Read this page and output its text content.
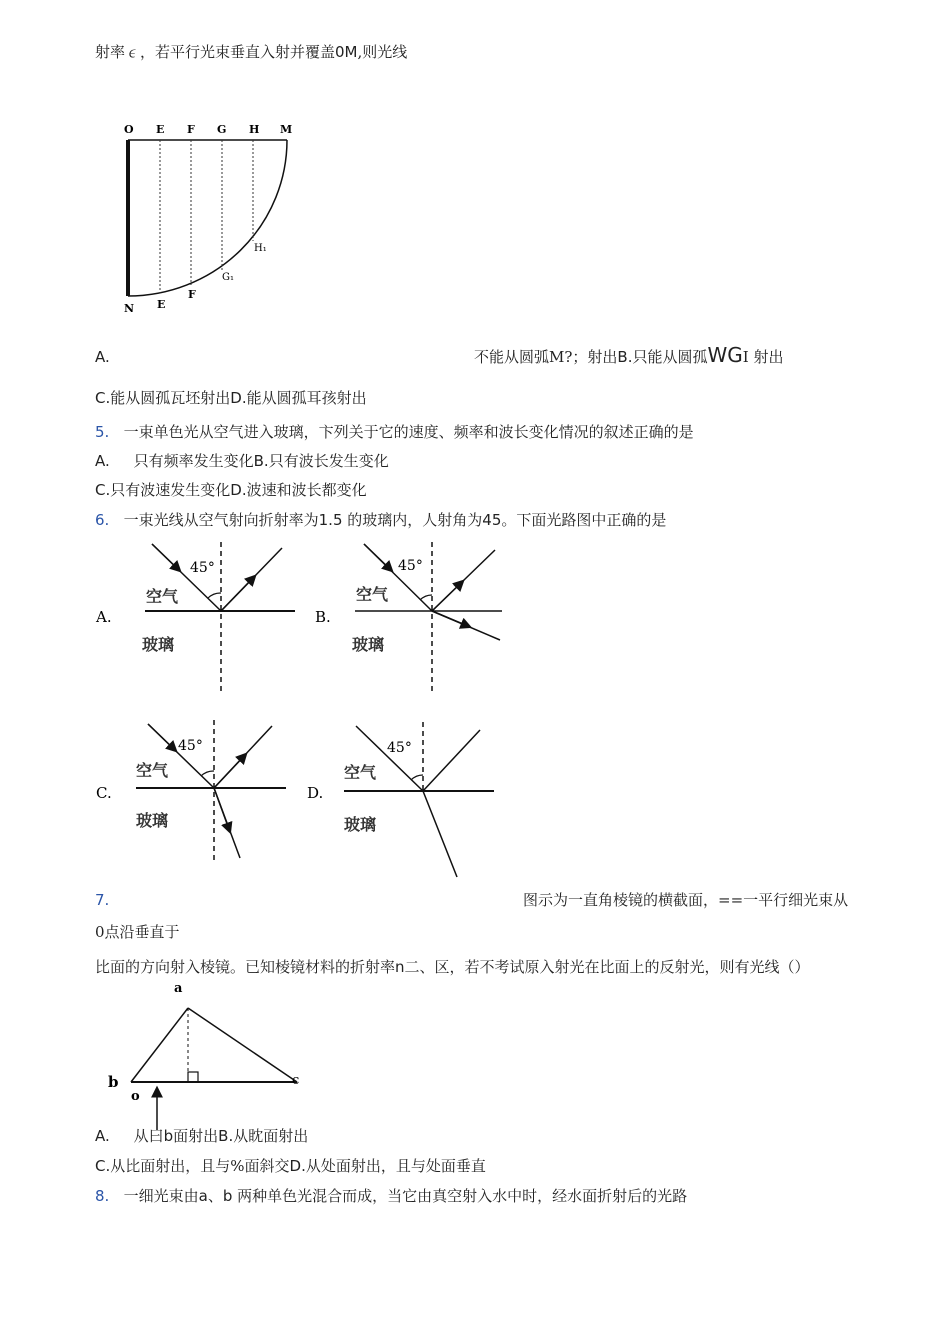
射率∊，若平行光束垂直入射并覆盖0M,则光线
O E F G H M
N E
F
G₁
H₁
A.	不能从圆弧M?；射出B.只能从圆孤WGI 射出
C.能从圆孤瓦坯射出D.能从圆孤耳孩射出
5. 一束单色光从空气进入玻璃，卞列关于它的速度、频率和波长变化情况的叙述正确的是
A. 只有频率发生变化B.只有波长发生变化
C.只有波速发生变化D.波速和波长都变化
6. 一束光线从空气射向折射率为1.5 的玻璃内，人射角为45。下面光路图中正确的是
A.
45°
空气
玻璃
B.
45°
空气
玻璃
C.
45°
空气
玻璃
D.
45°
空气
玻璃
7.	图示为一直角棱镜的横截面，==一平行细光束从
0点沿垂直于
比面的方向射入棱镜。已知棱镜材料的折射率n二、区，若不考试原入射光在比面上的反射光，则有光线（）
a
b	c
o
A. 从曰b面射出B.从眈面射出
C.从比面射出，且与%面斜交D.从处面射出，且与处面垂直
8. 一细光束由a、b 两种单色光混合而成，当它由真空射入水中时，经水面折射后的光路
